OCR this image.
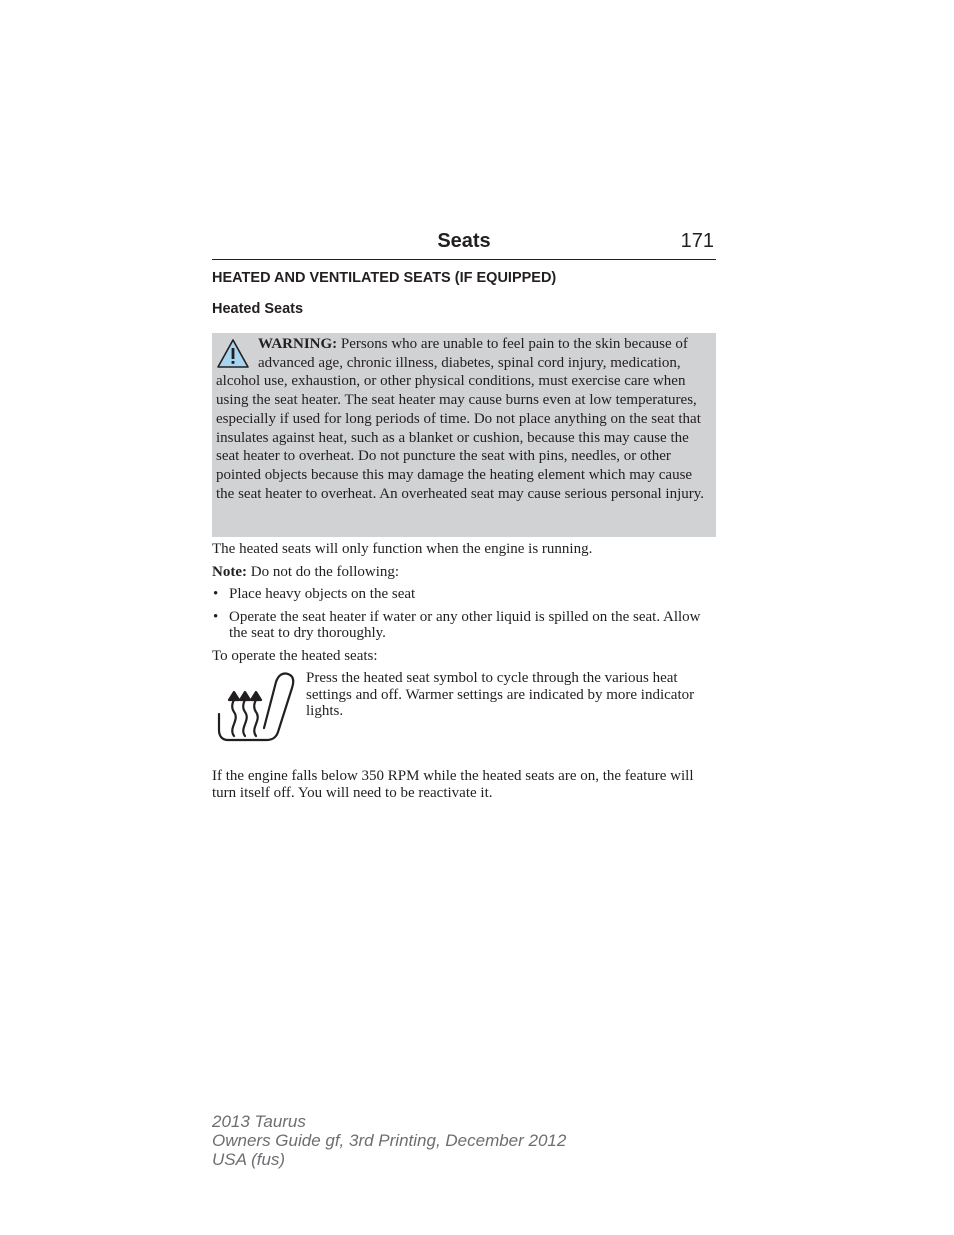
Seats	171
HEATED AND VENTILATED SEATS (IF EQUIPPED)
Heated Seats
WARNING: Persons who are unable to feel pain to the skin because of advanced age, chronic illness, diabetes, spinal cord injury, medication, alcohol use, exhaustion, or other physical conditions, must exercise care when using the seat heater. The seat heater may cause burns even at low temperatures, especially if used for long periods of time. Do not place anything on the seat that insulates against heat, such as a blanket or cushion, because this may cause the seat heater to overheat. Do not puncture the seat with pins, needles, or other pointed objects because this may damage the heating element which may cause the seat heater to overheat. An overheated seat may cause serious personal injury.

The heated seats will only function when the engine is running.

Note: Do not do the following:

• Place heavy objects on the seat
• Operate the seat heater if water or any other liquid is spilled on the seat. Allow the seat to dry thoroughly.

To operate the heated seats:

Press the heated seat symbol to cycle through the various heat settings and off. Warmer settings are indicated by more indicator lights.

If the engine falls below 350 RPM while the heated seats are on, the feature will turn itself off. You will need to be reactivate it.

2013 Taurus
Owners Guide gf, 3rd Printing, December 2012
USA (fus)
